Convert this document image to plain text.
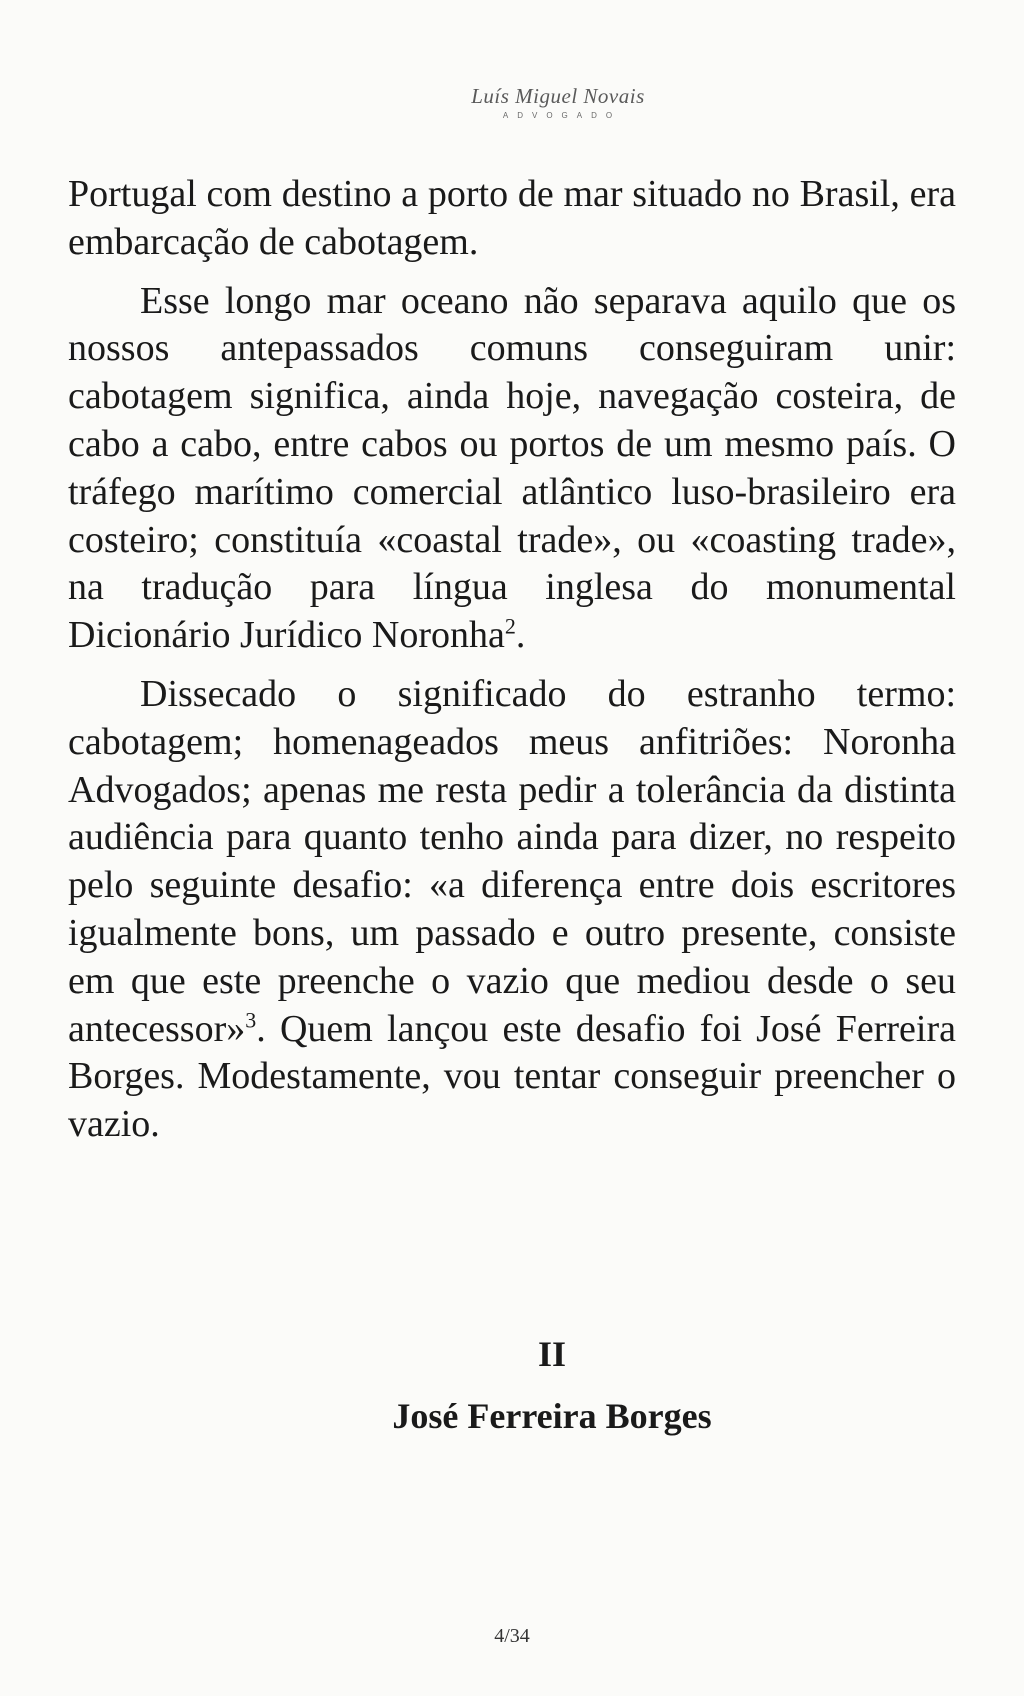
Luís Miguel Novais
ADVOGADO

Portugal com destino a porto de mar situado no Brasil, era embarcação de cabotagem.

Esse longo mar oceano não separava aquilo que os nossos antepassados comuns conseguiram unir: cabotagem significa, ainda hoje, navegação costeira, de cabo a cabo, entre cabos ou portos de um mesmo país. O tráfego marítimo comercial atlântico luso-brasileiro era costeiro; constituía «coastal trade», ou «coasting trade», na tradução para língua inglesa do monumental Dicionário Jurídico Noronha$^2$.

Dissecado o significado do estranho termo: cabotagem; homenageados meus anfitriões: Noronha Advogados; apenas me resta pedir a tolerância da distinta audiência para quanto tenho ainda para dizer, no respeito pelo seguinte desafio: «a diferença entre dois escritores igualmente bons, um passado e outro presente, consiste em que este preenche o vazio que mediou desde o seu antecessor»$^3$. Quem lançou este desafio foi José Ferreira Borges. Modestamente, vou tentar conseguir preencher o vazio.

II
José Ferreira Borges
4/34
